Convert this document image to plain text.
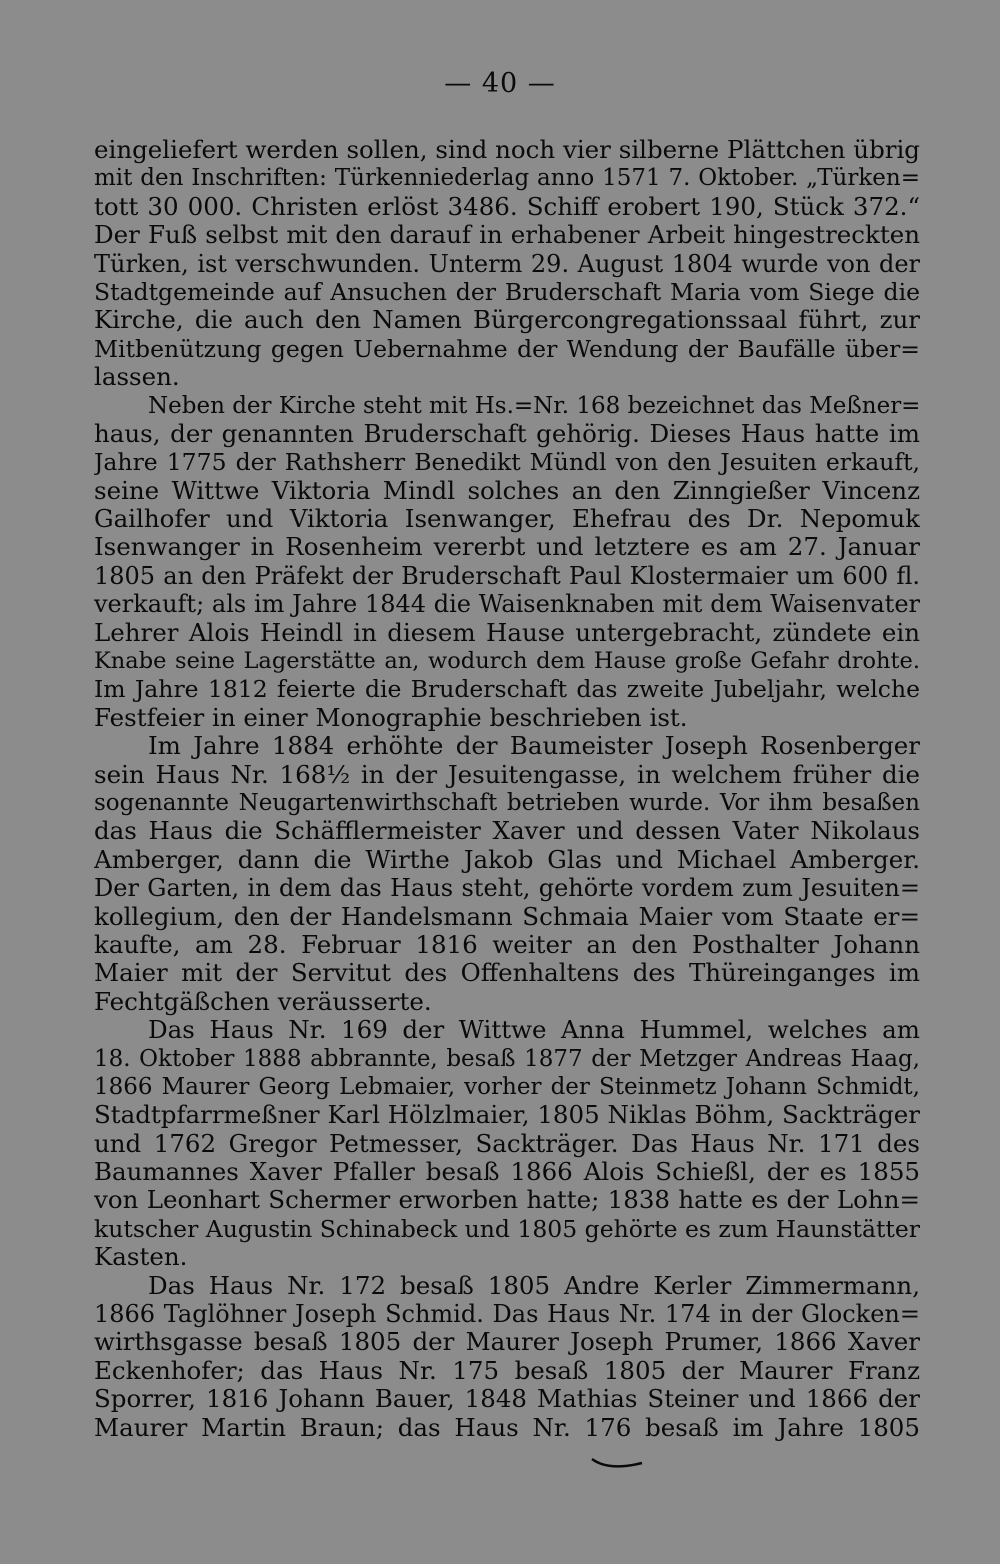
— 40 —
eingeliefert werden sollen, sind noch vier silberne Plättchen übrig
mit den Inschriften: Türkenniederlag anno 1571 7. Oktober. „Türken=
tott 30 000. Christen erlöst 3486. Schiff erobert 190, Stück 372.“
Der Fuß selbst mit den darauf in erhabener Arbeit hingestreckten
Türken, ist verschwunden. Unterm 29. August 1804 wurde von der
Stadtgemeinde auf Ansuchen der Bruderschaft Maria vom Siege die
Kirche, die auch den Namen Bürgercongregationssaal führt, zur
Mitbenützung gegen Uebernahme der Wendung der Baufälle über=
lassen.
Neben der Kirche steht mit Hs.=Nr. 168 bezeichnet das Meßner=
haus, der genannten Bruderschaft gehörig. Dieses Haus hatte im
Jahre 1775 der Rathsherr Benedikt Mündl von den Jesuiten erkauft,
seine Wittwe Viktoria Mindl solches an den Zinngießer Vincenz
Gailhofer und Viktoria Isenwanger, Ehefrau des Dr. Nepomuk
Isenwanger in Rosenheim vererbt und letztere es am 27. Januar
1805 an den Präfekt der Bruderschaft Paul Klostermaier um 600 fl.
verkauft; als im Jahre 1844 die Waisenknaben mit dem Waisenvater
Lehrer Alois Heindl in diesem Hause untergebracht, zündete ein
Knabe seine Lagerstätte an, wodurch dem Hause große Gefahr drohte.
Im Jahre 1812 feierte die Bruderschaft das zweite Jubeljahr, welche
Festfeier in einer Monographie beschrieben ist.
Im Jahre 1884 erhöhte der Baumeister Joseph Rosenberger
sein Haus Nr. 168½ in der Jesuitengasse, in welchem früher die
sogenannte Neugartenwirthschaft betrieben wurde. Vor ihm besaßen
das Haus die Schäfflermeister Xaver und dessen Vater Nikolaus
Amberger, dann die Wirthe Jakob Glas und Michael Amberger.
Der Garten, in dem das Haus steht, gehörte vordem zum Jesuiten=
kollegium, den der Handelsmann Schmaia Maier vom Staate er=
kaufte, am 28. Februar 1816 weiter an den Posthalter Johann
Maier mit der Servitut des Offenhaltens des Thüreinganges im
Fechtgäßchen veräusserte.
Das Haus Nr. 169 der Wittwe Anna Hummel, welches am
18. Oktober 1888 abbrannte, besaß 1877 der Metzger Andreas Haag,
1866 Maurer Georg Lebmaier, vorher der Steinmetz Johann Schmidt,
Stadtpfarrmeßner Karl Hölzlmaier, 1805 Niklas Böhm, Sackträger
und 1762 Gregor Petmesser, Sackträger. Das Haus Nr. 171 des
Baumannes Xaver Pfaller besaß 1866 Alois Schießl, der es 1855
von Leonhart Schermer erworben hatte; 1838 hatte es der Lohn=
kutscher Augustin Schinabeck und 1805 gehörte es zum Haunstätter
Kasten.
Das Haus Nr. 172 besaß 1805 Andre Kerler Zimmermann,
1866 Taglöhner Joseph Schmid. Das Haus Nr. 174 in der Glocken=
wirthsgasse besaß 1805 der Maurer Joseph Prumer, 1866 Xaver
Eckenhofer; das Haus Nr. 175 besaß 1805 der Maurer Franz
Sporrer, 1816 Johann Bauer, 1848 Mathias Steiner und 1866 der
Maurer Martin Braun; das Haus Nr. 176 besaß im Jahre 1805
